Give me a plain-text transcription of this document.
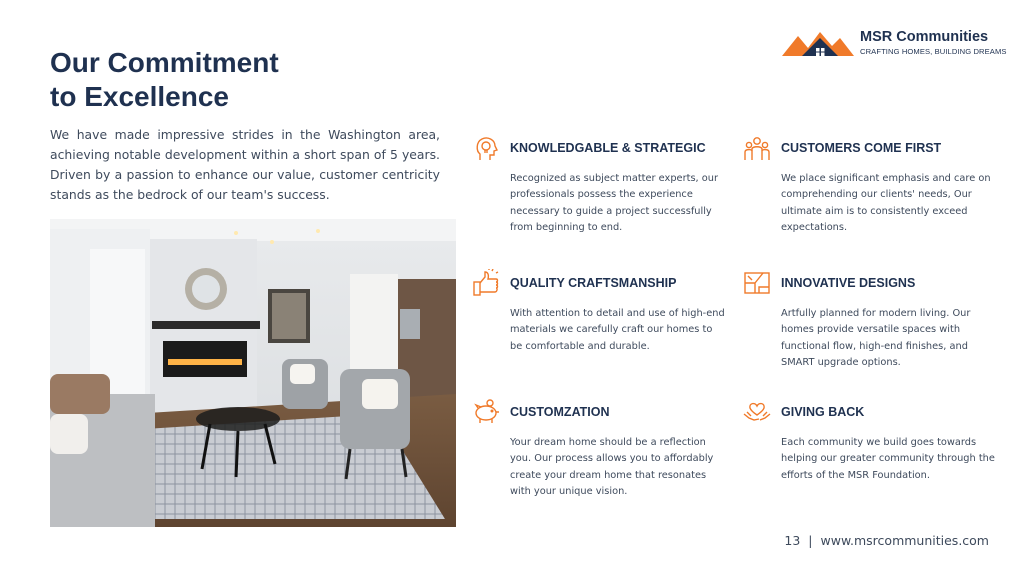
Our Commitment
to Excellence

We have made impressive strides in the Washington area, achieving notable development within a short span of 5 years. Driven by a passion to enhance our value, customer centricity stands as the bedrock of our team's success.

MSR Communities
CRAFTING HOMES, BUILDING DREAMS
KNOWLEDGABLE & STRATEGIC

Recognized as subject matter experts, our professionals possess the experience necessary to guide a project successfully from beginning to end.

CUSTOMERS COME FIRST

We place significant emphasis and care on comprehending our clients' needs, Our ultimate aim is to consistently exceed expectations.

QUALITY CRAFTSMANSHIP

With attention to detail and use of high-end materials we carefully craft our homes to be comfortable and durable.

INNOVATIVE DESIGNS

Artfully planned for modern living. Our homes provide versatile spaces with functional flow, high-end finishes, and SMART upgrade options.

CUSTOMZATION

Your dream home should be a reflection you. Our process allows you to affordably create your dream home that resonates with your unique vision.

GIVING BACK

Each community we build goes towards helping our greater community through the efforts of the MSR Foundation.

13 | www.msrcommunities.com
